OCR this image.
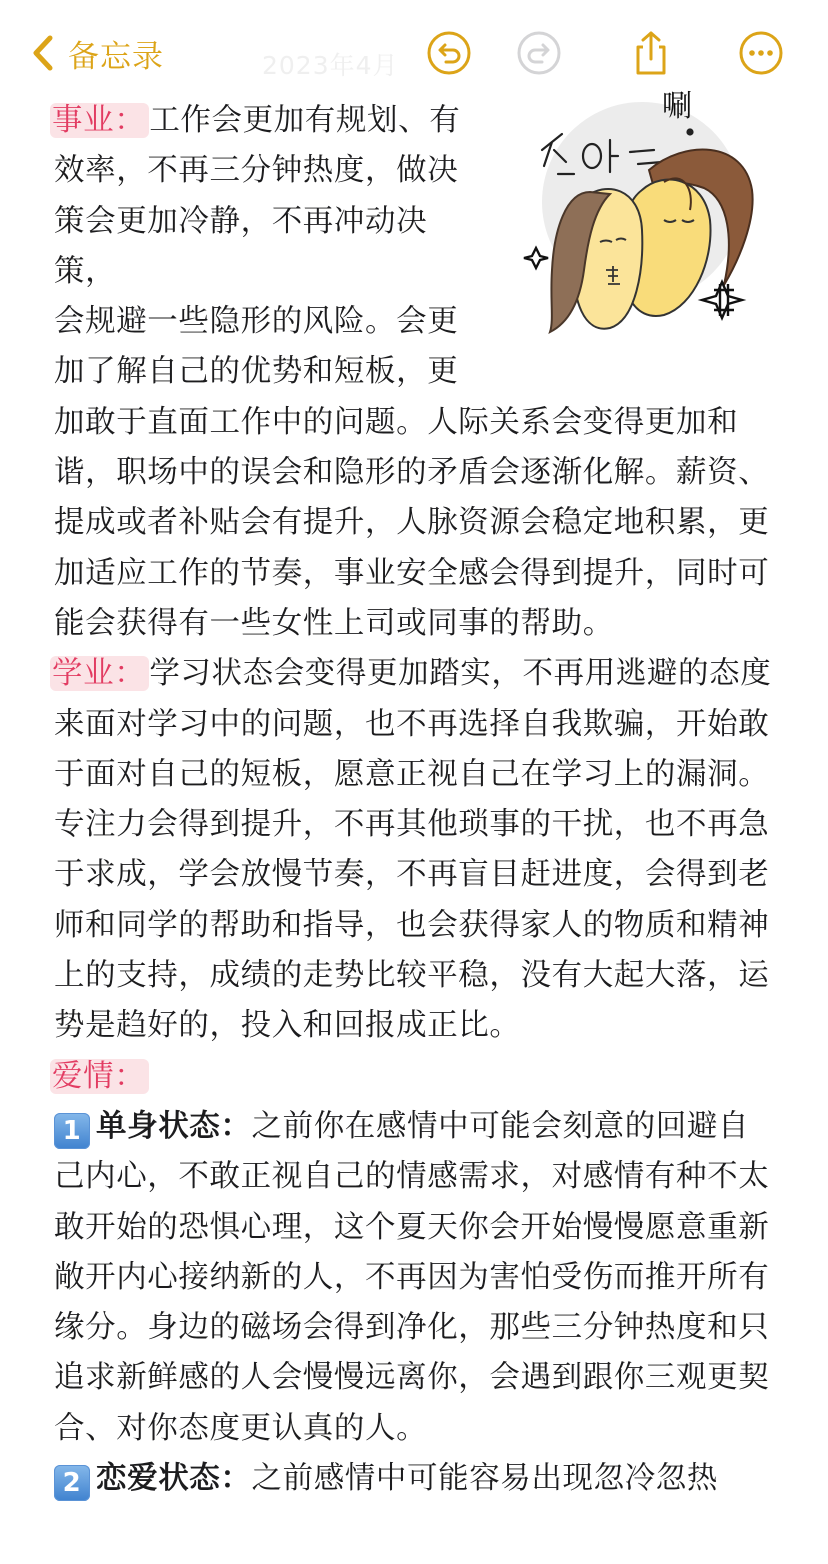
备忘录	2023年4月
唰
事业： 工作会更加有规划、有
效率，不再三分钟热度，做决
策会更加冷静，不再冲动决策，
会规避一些隐形的风险。会更
加了解自己的优势和短板，更
加敢于直面工作中的问题。人际关系会变得更加和谐，职场中的误会和隐形的矛盾会逐渐化解。薪资、提成或者补贴会有提升，人脉资源会稳定地积累，更加适应工作的节奏，事业安全感会得到提升，同时可能会获得有一些女性上司或同事的帮助。
学业： 学习状态会变得更加踏实，不再用逃避的态度来面对学习中的问题，也不再选择自我欺骗，开始敢于面对自己的短板，愿意正视自己在学习上的漏洞。专注力会得到提升，不再其他琐事的干扰，也不再急于求成，学会放慢节奏，不再盲目赶进度，会得到老师和同学的帮助和指导，也会获得家人的物质和精神上的支持，成绩的走势比较平稳，没有大起大落，运势是趋好的，投入和回报成正比。
爱情：
1 单身状态：之前你在感情中可能会刻意的回避自己内心，不敢正视自己的情感需求，对感情有种不太敢开始的恐惧心理，这个夏天你会开始慢慢愿意重新敞开内心接纳新的人，不再因为害怕受伤而推开所有缘分。身边的磁场会得到净化，那些三分钟热度和只追求新鲜感的人会慢慢远离你，会遇到跟你三观更契合、对你态度更认真的人。
2 恋爱状态：之前感情中可能容易出现忽冷忽热
